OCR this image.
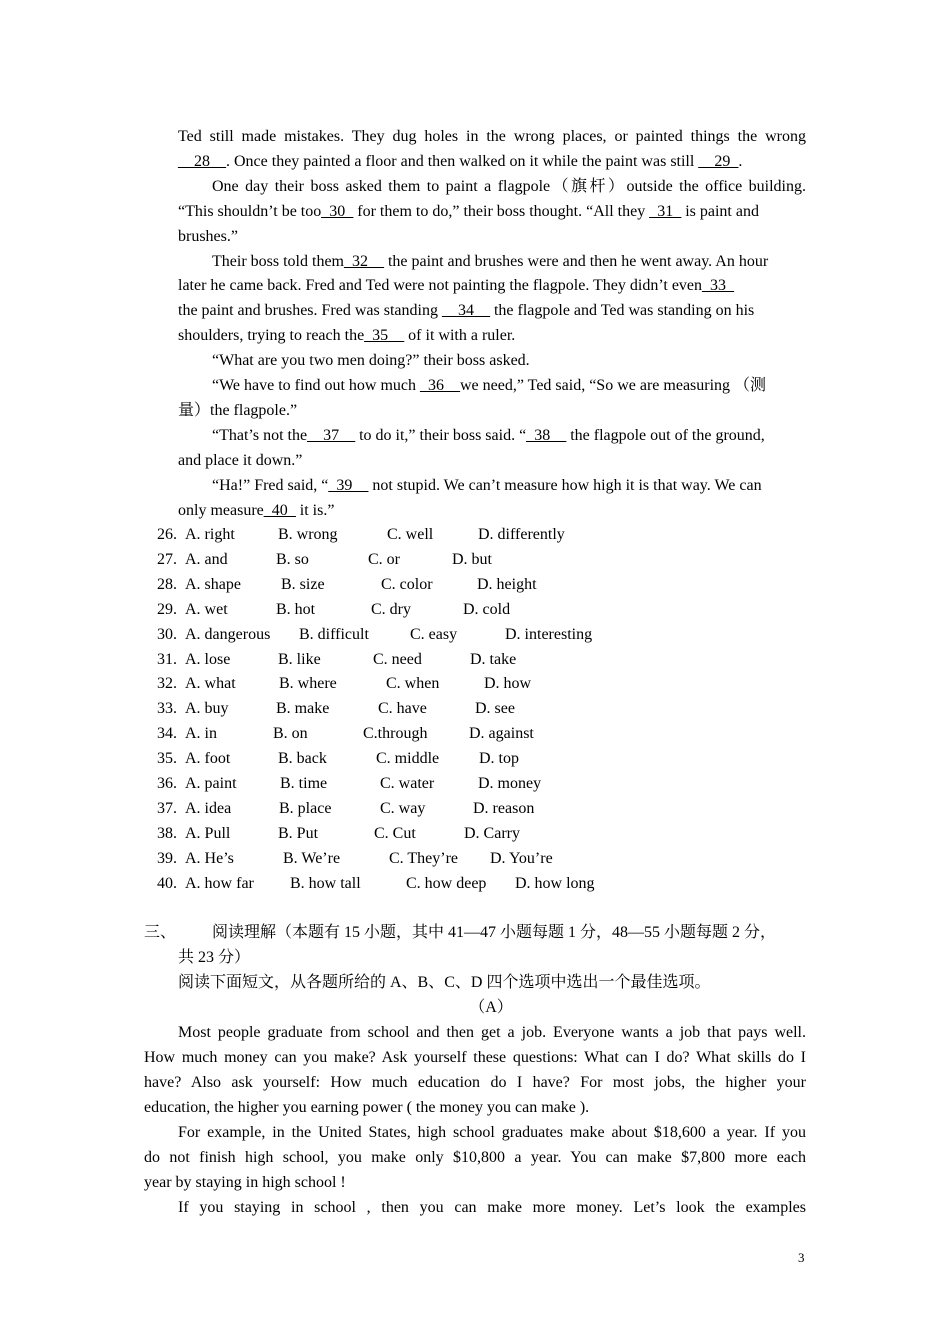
Ted still made mistakes. They dug holes in the wrong places, or painted things the wrong
__28__. Once they painted a floor and then walked on it while the paint was still __29_.
One day their boss asked them to paint a flagpole（旗杆）outside the office building.
“This shouldn’t be too _30_ for them to do,” their boss thought. “All they _31_ is paint and
brushes.”
Their boss told them_32__ the paint and brushes were and then he went away. An hour
later he came back. Fred and Ted were not painting the flagpole. They didn’t even_33_
the paint and brushes. Fred was standing __34__ the flagpole and Ted was standing on his
shoulders, trying to reach the_35__ of it with a ruler.
“What are you two men doing?” their boss asked.
“We have to find out how much _36__we need,” Ted said, “So we are measuring （测
量）the flagpole.”
“That’s not the__37__ to do it,” their boss said. “_38__ the flagpole out of the ground,
and place it down.”
“Ha!” Fred said, “_39__ not stupid. We can’t measure how high it is that way. We can
only measure_40_ it is.”
26. A. right	B. wrong	C. well	D. differently
27. A. and	B. so	C. or	D. but
28. A. shape	B. size	C. color	D. height
29. A. wet	B. hot	C. dry	D. cold
30. A. dangerous B. difficult	C. easy	D. interesting
31. A. lose	B. like	C. need	D. take
32. A. what	B. where	C. when	D. how
33. A. buy	B. make	C. have	D. see
34. A. in	B. on	C.through	D. against
35. A. foot	B. back	C. middle D. top
36. A. paint	B. time	C. water	D. money
37. A. idea	B. place	C. way	D. reason
38. A. Pull	B. Put	C. Cut	D. Carry
39. A. He’s	B. We’re	C. They’re D. You’re
40. A. how far B. how tall	C. how deep D. how long
三、 阅读理解（本题有 15 小题，其中 41—47 小题每题 1 分，48—55 小题每题 2 分，
共 23 分）
阅读下面短文，从各题所给的 A、B、C、D 四个选项中选出一个最佳选项。
（A）
Most people graduate from school and then get a job. Everyone wants a job that pays well.
How much money can you make? Ask yourself these questions: What can I do? What skills do I
have? Also ask yourself: How much education do I have? For most jobs, the higher your
education, the higher you earning power ( the money you can make ).
For example, in the United States, high school graduates make about $18,600 a year. If you
do not finish high school, you make only $10,800 a year. You can make $7,800 more each
year by staying in high school !
If you staying in school , then you can make more money. Let’s look the examples
3
